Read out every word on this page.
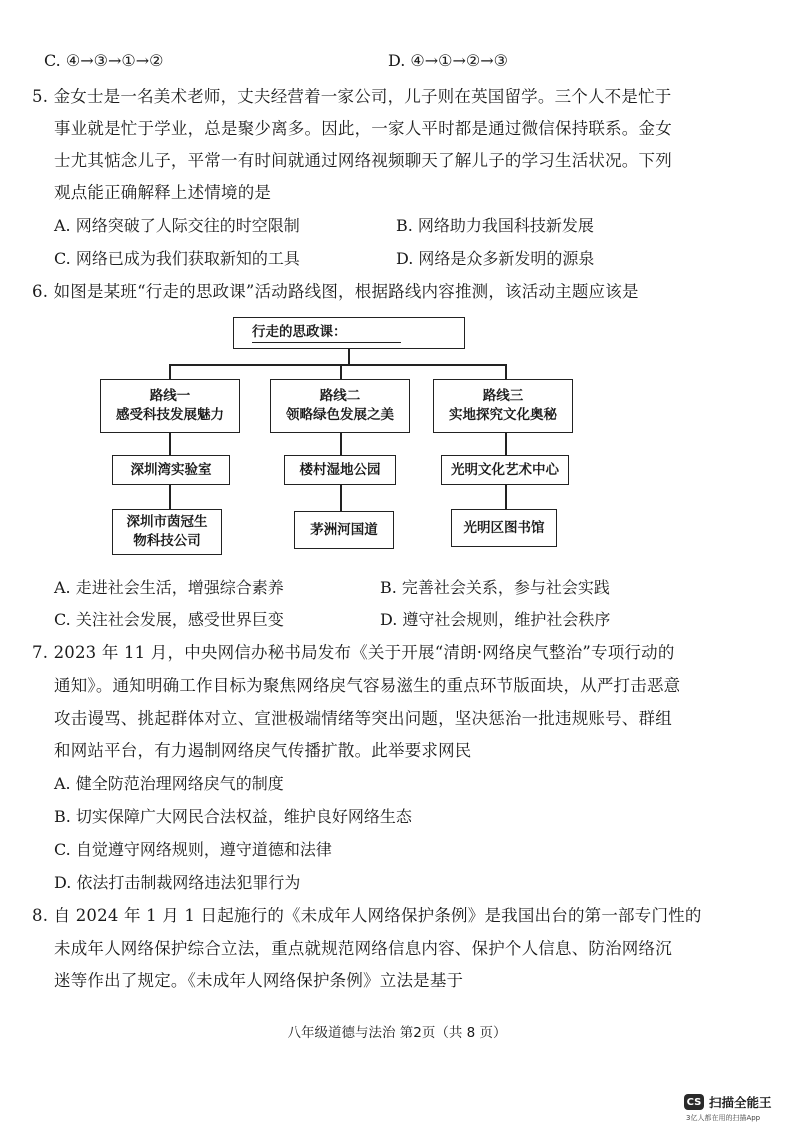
C. ④→③→①→②	D. ④→①→②→③
5. 金女士是一名美术老师，丈夫经营着一家公司，儿子则在英国留学。三个人不是忙于
事业就是忙于学业，总是聚少离多。因此，一家人平时都是通过微信保持联系。金女
士尤其惦念儿子，平常一有时间就通过网络视频聊天了解儿子的学习生活状况。下列
观点能正确解释上述情境的是
A. 网络突破了人际交往的时空限制	B. 网络助力我国科技新发展
C. 网络已成为我们获取新知的工具	D. 网络是众多新发明的源泉
6. 如图是某班“行走的思政课”活动路线图，根据路线内容推测，该活动主题应该是
行走的思政课：
路线一
感受科技发展魅力
深圳湾实验室
深圳市茵冠生
物科技公司
路线二
领略绿色发展之美
楼村湿地公园
茅洲河国道
路线三
实地探究文化奥秘
光明文化艺术中心
光明区图书馆
A. 走进社会生活，增强综合素养	B. 完善社会关系，参与社会实践
C. 关注社会发展，感受世界巨变	D. 遵守社会规则，维护社会秩序
7. 2023 年 11 月，中央网信办秘书局发布《关于开展“清朗·网络戾气整治”专项行动的
通知》。通知明确工作目标为聚焦网络戾气容易滋生的重点环节版面块，从严打击恶意
攻击谩骂、挑起群体对立、宣泄极端情绪等突出问题，坚决惩治一批违规账号、群组
和网站平台，有力遏制网络戾气传播扩散。此举要求网民
A. 健全防范治理网络戾气的制度
B. 切实保障广大网民合法权益，维护良好网络生态
C. 自觉遵守网络规则，遵守道德和法律
D. 依法打击制裁网络违法犯罪行为
8. 自 2024 年 1 月 1 日起施行的《未成年人网络保护条例》是我国出台的第一部专门性的
未成年人网络保护综合立法，重点就规范网络信息内容、保护个人信息、防治网络沉
迷等作出了规定。《未成年人网络保护条例》立法是基于
八年级道德与法治 第2页（共 8 页）
CS 扫描全能王
3亿人都在用的扫描App
